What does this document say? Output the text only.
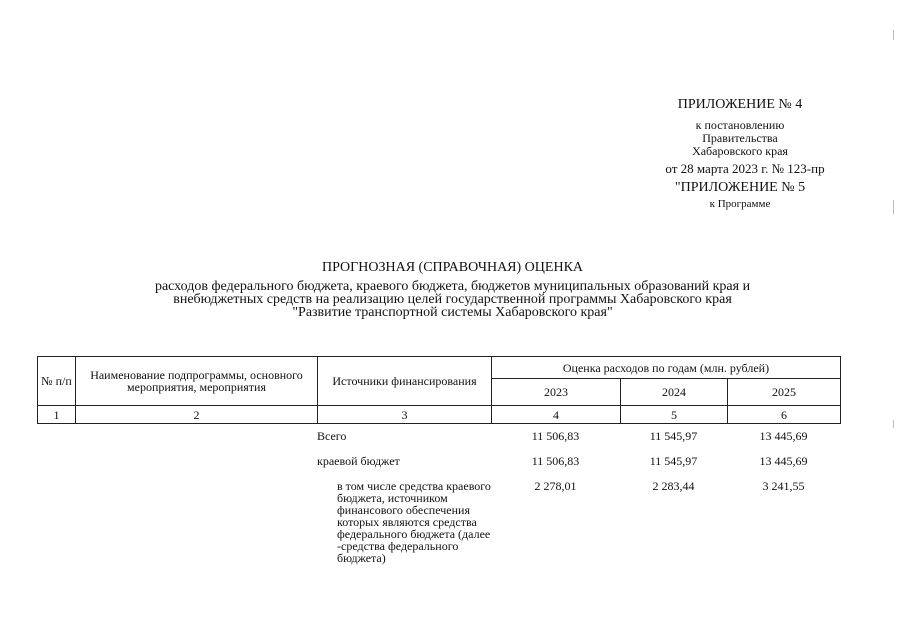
ПРИЛОЖЕНИЕ № 4
к постановлению
Правительства
Хабаровского края
от 28 марта 2023 г. № 123-пр
"ПРИЛОЖЕНИЕ № 5
к Программе
ПРОГНОЗНАЯ (СПРАВОЧНАЯ) ОЦЕНКА
расходов федерального бюджета, краевого бюджета, бюджетов муниципальных образований края и
внебюджетных средств на реализацию целей государственной программы Хабаровского края
"Развитие транспортной системы Хабаровского края"
№ п/п	Наименование подпрограммы, основного мероприятия, мероприятия	Источники финансирования	Оценка расходов по годам (млн. рублей)		
			2023	2024	2025
1	2	3	4	5	6
		Всего	11 506,83	11 545,97	13 445,69
		краевой бюджет	11 506,83	11 545,97	13 445,69
		в том числе средства краевого бюджета, источником финансового обеспечения которых являются средства федерального бюджета (далее -средства федерального бюджета)	2 278,01	2 283,44	3 241,55
